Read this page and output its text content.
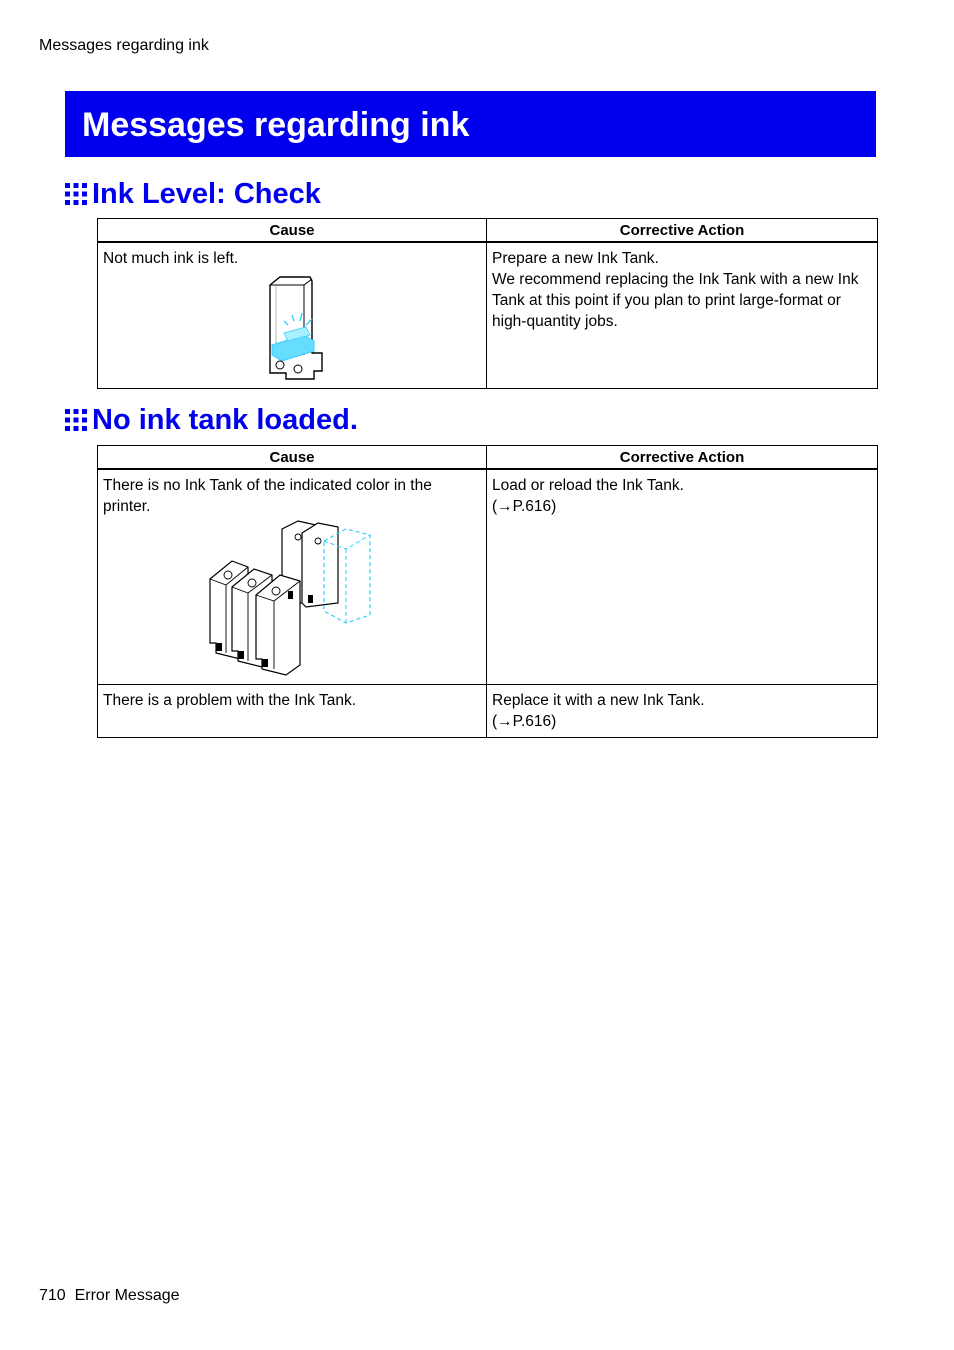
Messages regarding ink
Messages regarding ink
Ink Level: Check
Cause	Corrective Action

Not much ink is left.	Prepare a new Ink Tank.
We recommend replacing the Ink Tank with a new Ink Tank at this point if you plan to print large-format or high-quantity jobs.
No ink tank loaded.
Cause	Corrective Action

There is no Ink Tank of the indicated color in the printer.	Load or reload the Ink Tank.
(→P.616)

There is a problem with the Ink Tank.	Replace it with a new Ink Tank.
(→P.616)
710 Error Message
